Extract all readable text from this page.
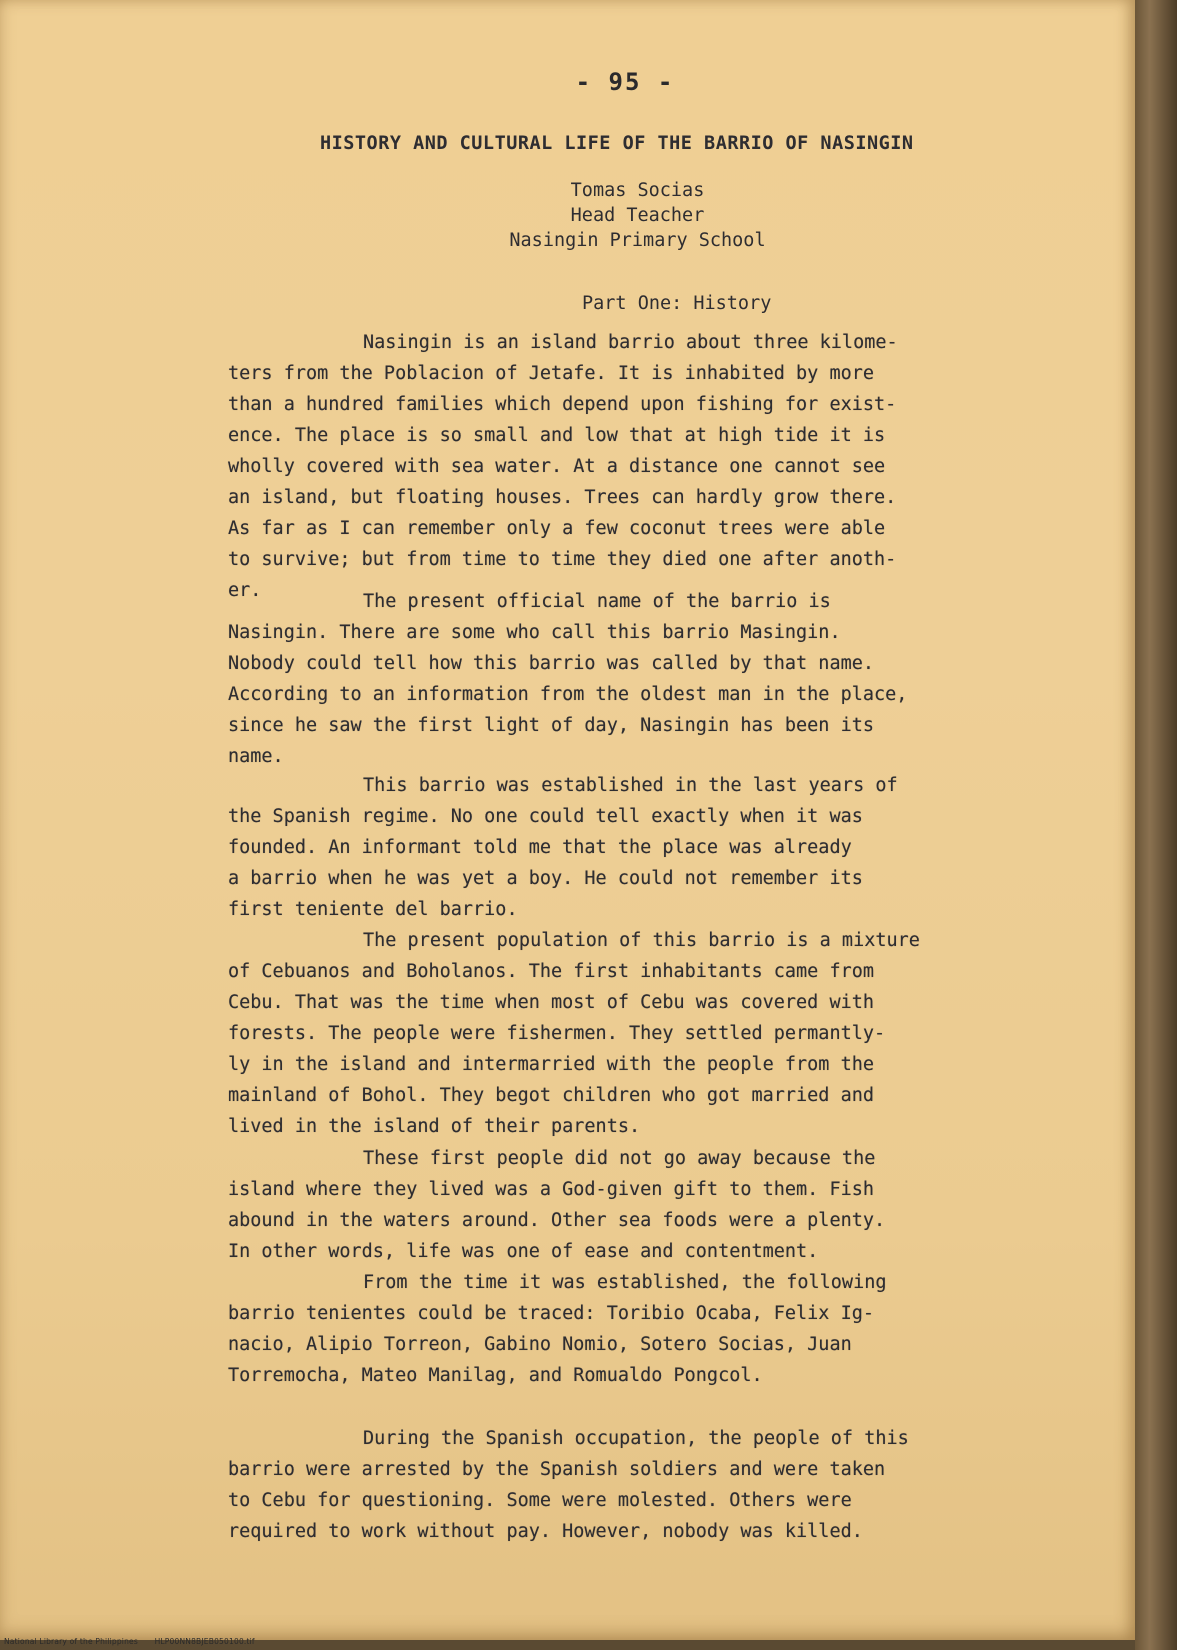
- 95 -
HISTORY AND CULTURAL LIFE OF THE BARRIO OF NASINGIN
Tomas Socias
Head Teacher
Nasingin Primary School
Part One: History
Nasingin is an island barrio about three kilome-
ters from the Poblacion of Jetafe. It is inhabited by more
than a hundred families which depend upon fishing for exist-
ence. The place is so small and low that at high tide it is
wholly covered with sea water. At a distance one cannot see
an island, but floating houses. Trees can hardly grow there.
As far as I can remember only a few coconut trees were able
to survive; but from time to time they died one after anoth-
er.
The present official name of the barrio is
Nasingin. There are some who call this barrio Masingin.
Nobody could tell how this barrio was called by that name.
According to an information from the oldest man in the place,
since he saw the first light of day, Nasingin has been its
name.
This barrio was established in the last years of
the Spanish regime. No one could tell exactly when it was
founded. An informant told me that the place was already
a barrio when he was yet a boy. He could not remember its
first teniente del barrio.
The present population of this barrio is a mixture
of Cebuanos and Boholanos. The first inhabitants came from
Cebu. That was the time when most of Cebu was covered with
forests. The people were fishermen. They settled permantly-
ly in the island and intermarried with the people from the
mainland of Bohol. They begot children who got married and
lived in the island of their parents.
These first people did not go away because the
island where they lived was a God-given gift to them. Fish
abound in the waters around. Other sea foods were a plenty.
In other words, life was one of ease and contentment.
From the time it was established, the following
barrio tenientes could be traced: Toribio Ocaba, Felix Ig-
nacio, Alipio Torreon, Gabino Nomio, Sotero Socias, Juan
Torremocha, Mateo Manilag, and Romualdo Pongcol.
During the Spanish occupation, the people of this
barrio were arrested by the Spanish soldiers and were taken
to Cebu for questioning. Some were molested. Others were
required to work without pay. However, nobody was killed.
National Library of the Philippines HLP00NN8BJEB050100.tif
